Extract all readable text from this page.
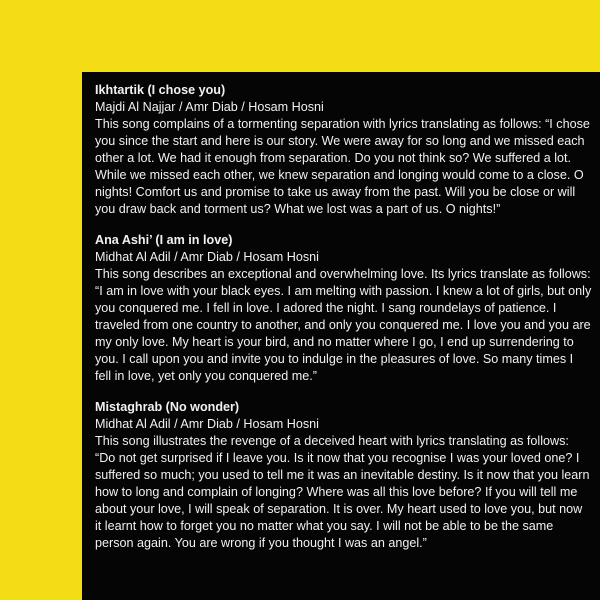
Ikhtartik (I chose you)

Majdi Al Najjar / Amr Diab / Hosam Hosni

This song complains of a tormenting separation with lyrics translating as follows: “I chose you since the start and here is our story. We were away for so long and we missed each other a lot. We had it enough from separation. Do you not think so? We suffered a lot. While we missed each other, we knew separation and longing would come to a close. O nights! Comfort us and promise to take us away from the past. Will you be close or will you draw back and torment us? What we lost was a part of us. O nights!”

Ana Ashi’ (I am in love)

Midhat Al Adil / Amr Diab / Hosam Hosni

This song describes an exceptional and overwhelming love. Its lyrics translate as follows: “I am in love with your black eyes. I am melting with passion. I knew a lot of girls, but only you conquered me. I fell in love. I adored the night. I sang roundelays of patience. I traveled from one country to another, and only you conquered me. I love you and you are my only love. My heart is your bird, and no matter where I go, I end up surrendering to you. I call upon you and invite you to indulge in the pleasures of love. So many times I fell in love, yet only you conquered me.”

Mistaghrab (No wonder)

Midhat Al Adil / Amr Diab / Hosam Hosni

This song illustrates the revenge of a deceived heart with lyrics translating as follows: “Do not get surprised if I leave you. Is it now that you recognise I was your loved one? I suffered so much; you used to tell me it was an inevitable destiny. Is it now that you learn how to long and complain of longing? Where was all this love before? If you will tell me about your love, I will speak of separation. It is over. My heart used to love you, but now it learnt how to forget you no matter what you say. I will not be able to be the same person again. You are wrong if you thought I was an angel.”
